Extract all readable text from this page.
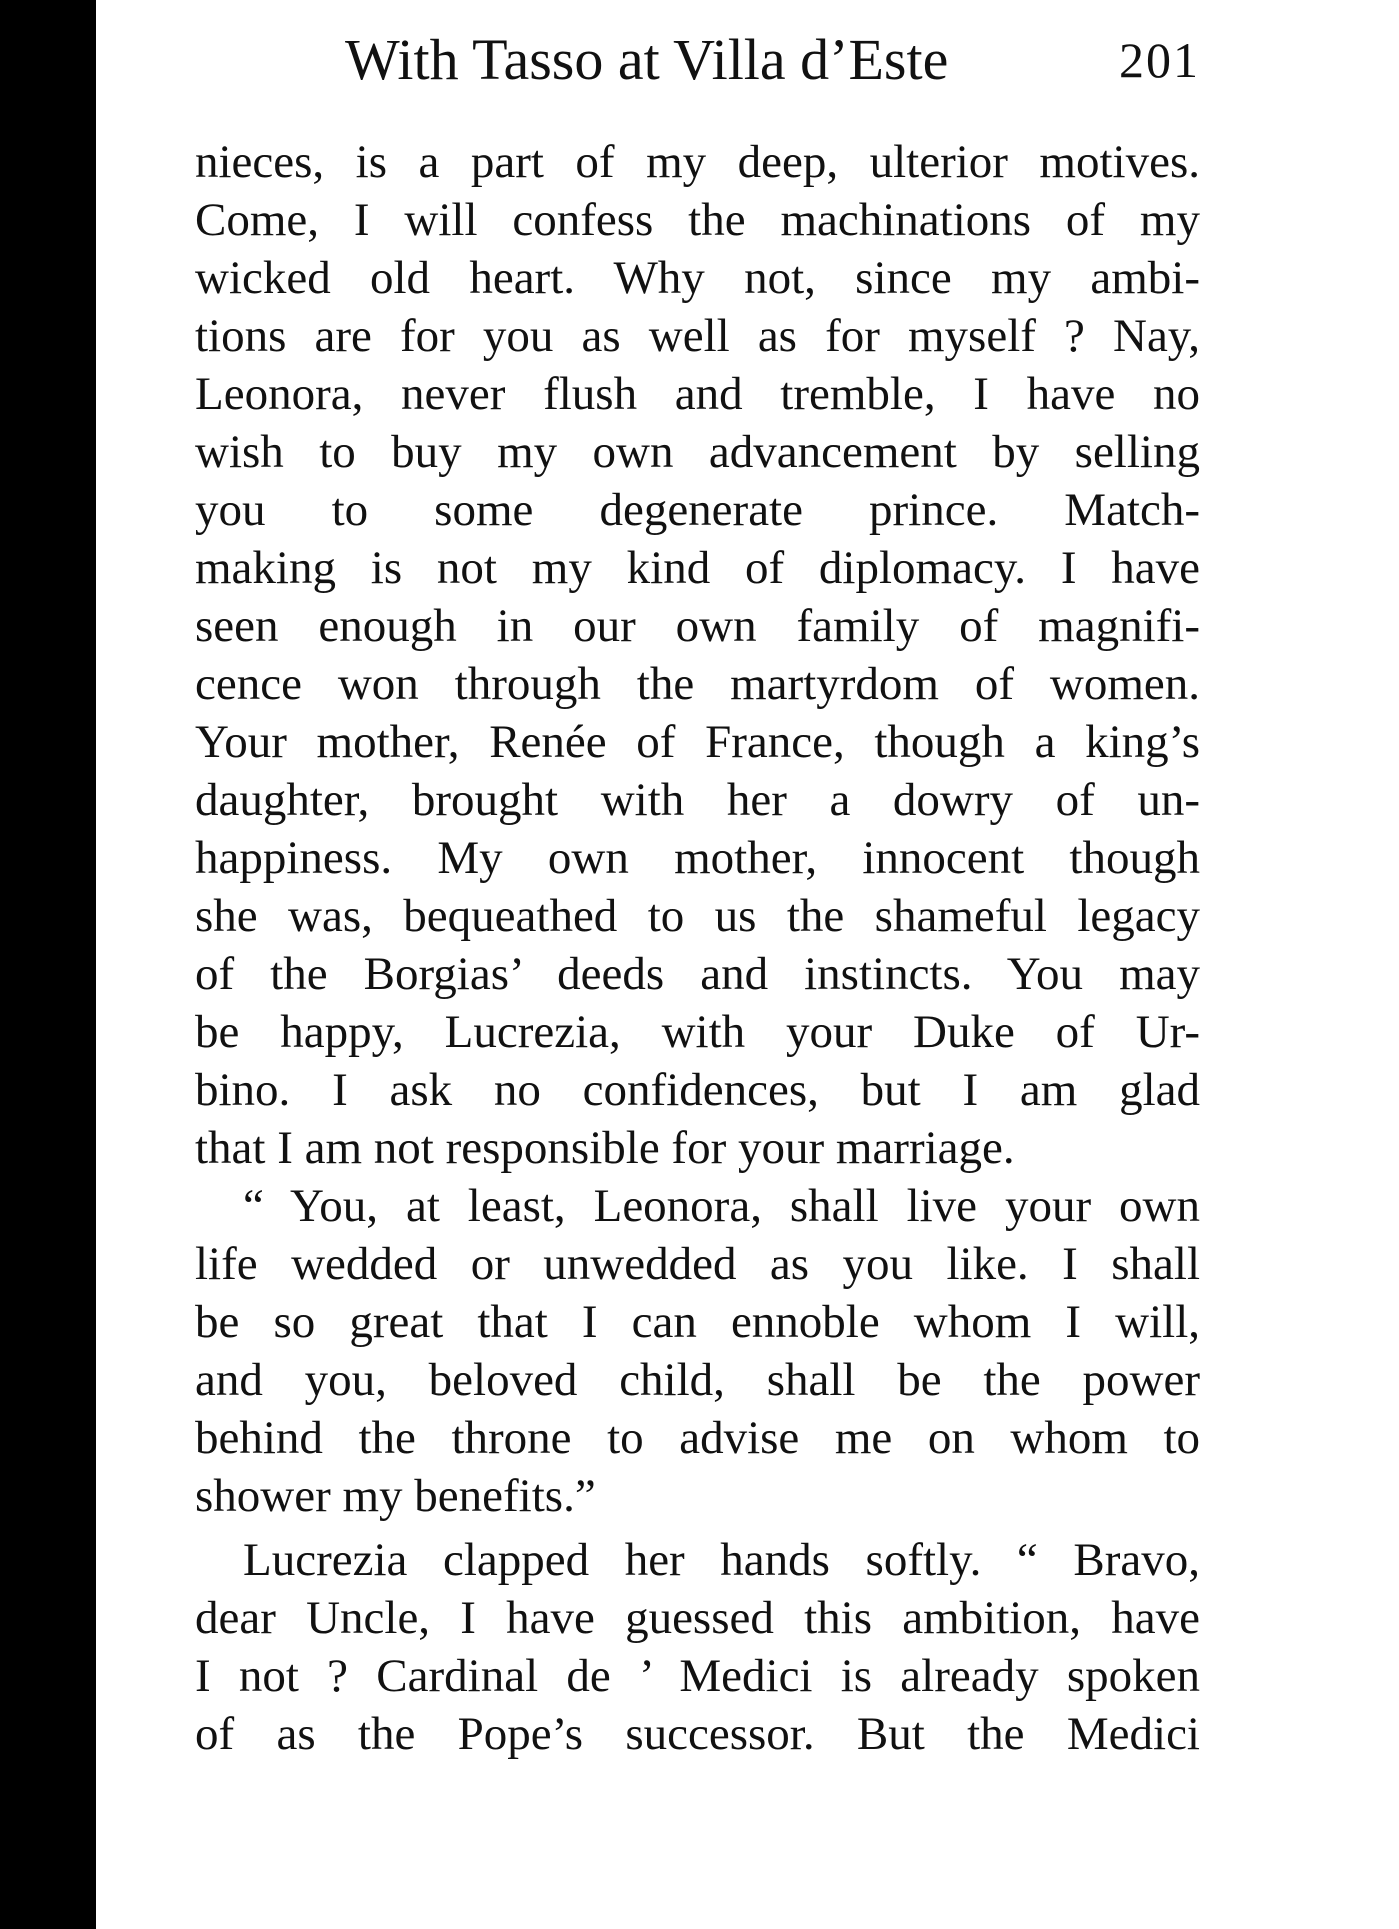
With Tasso at Villa d’Este	201
nieces, is a part of my deep, ulterior motives.
Come, I will confess the machinations of my
wicked old heart. Why not, since my ambi-
tions are for you as well as for myself ? Nay,
Leonora, never flush and tremble, I have no
wish to buy my own advancement by selling
you to some degenerate prince. Match-
making is not my kind of diplomacy. I have
seen enough in our own family of magnifi-
cence won through the martyrdom of women.
Your mother, Renée of France, though a king’s
daughter, brought with her a dowry of un-
happiness. My own mother, innocent though
she was, bequeathed to us the shameful legacy
of the Borgias’ deeds and instincts. You may
be happy, Lucrezia, with your Duke of Ur-
bino. I ask no confidences, but I am glad
that I am not responsible for your marriage.
“ You, at least, Leonora, shall live your own
life wedded or unwedded as you like. I shall
be so great that I can ennoble whom I will,
and you, beloved child, shall be the power
behind the throne to advise me on whom to
shower my benefits.”
Lucrezia clapped her hands softly. “ Bravo,
dear Uncle, I have guessed this ambition, have
I not ? Cardinal de ’ Medici is already spoken
of as the Pope’s successor. But the Medici
